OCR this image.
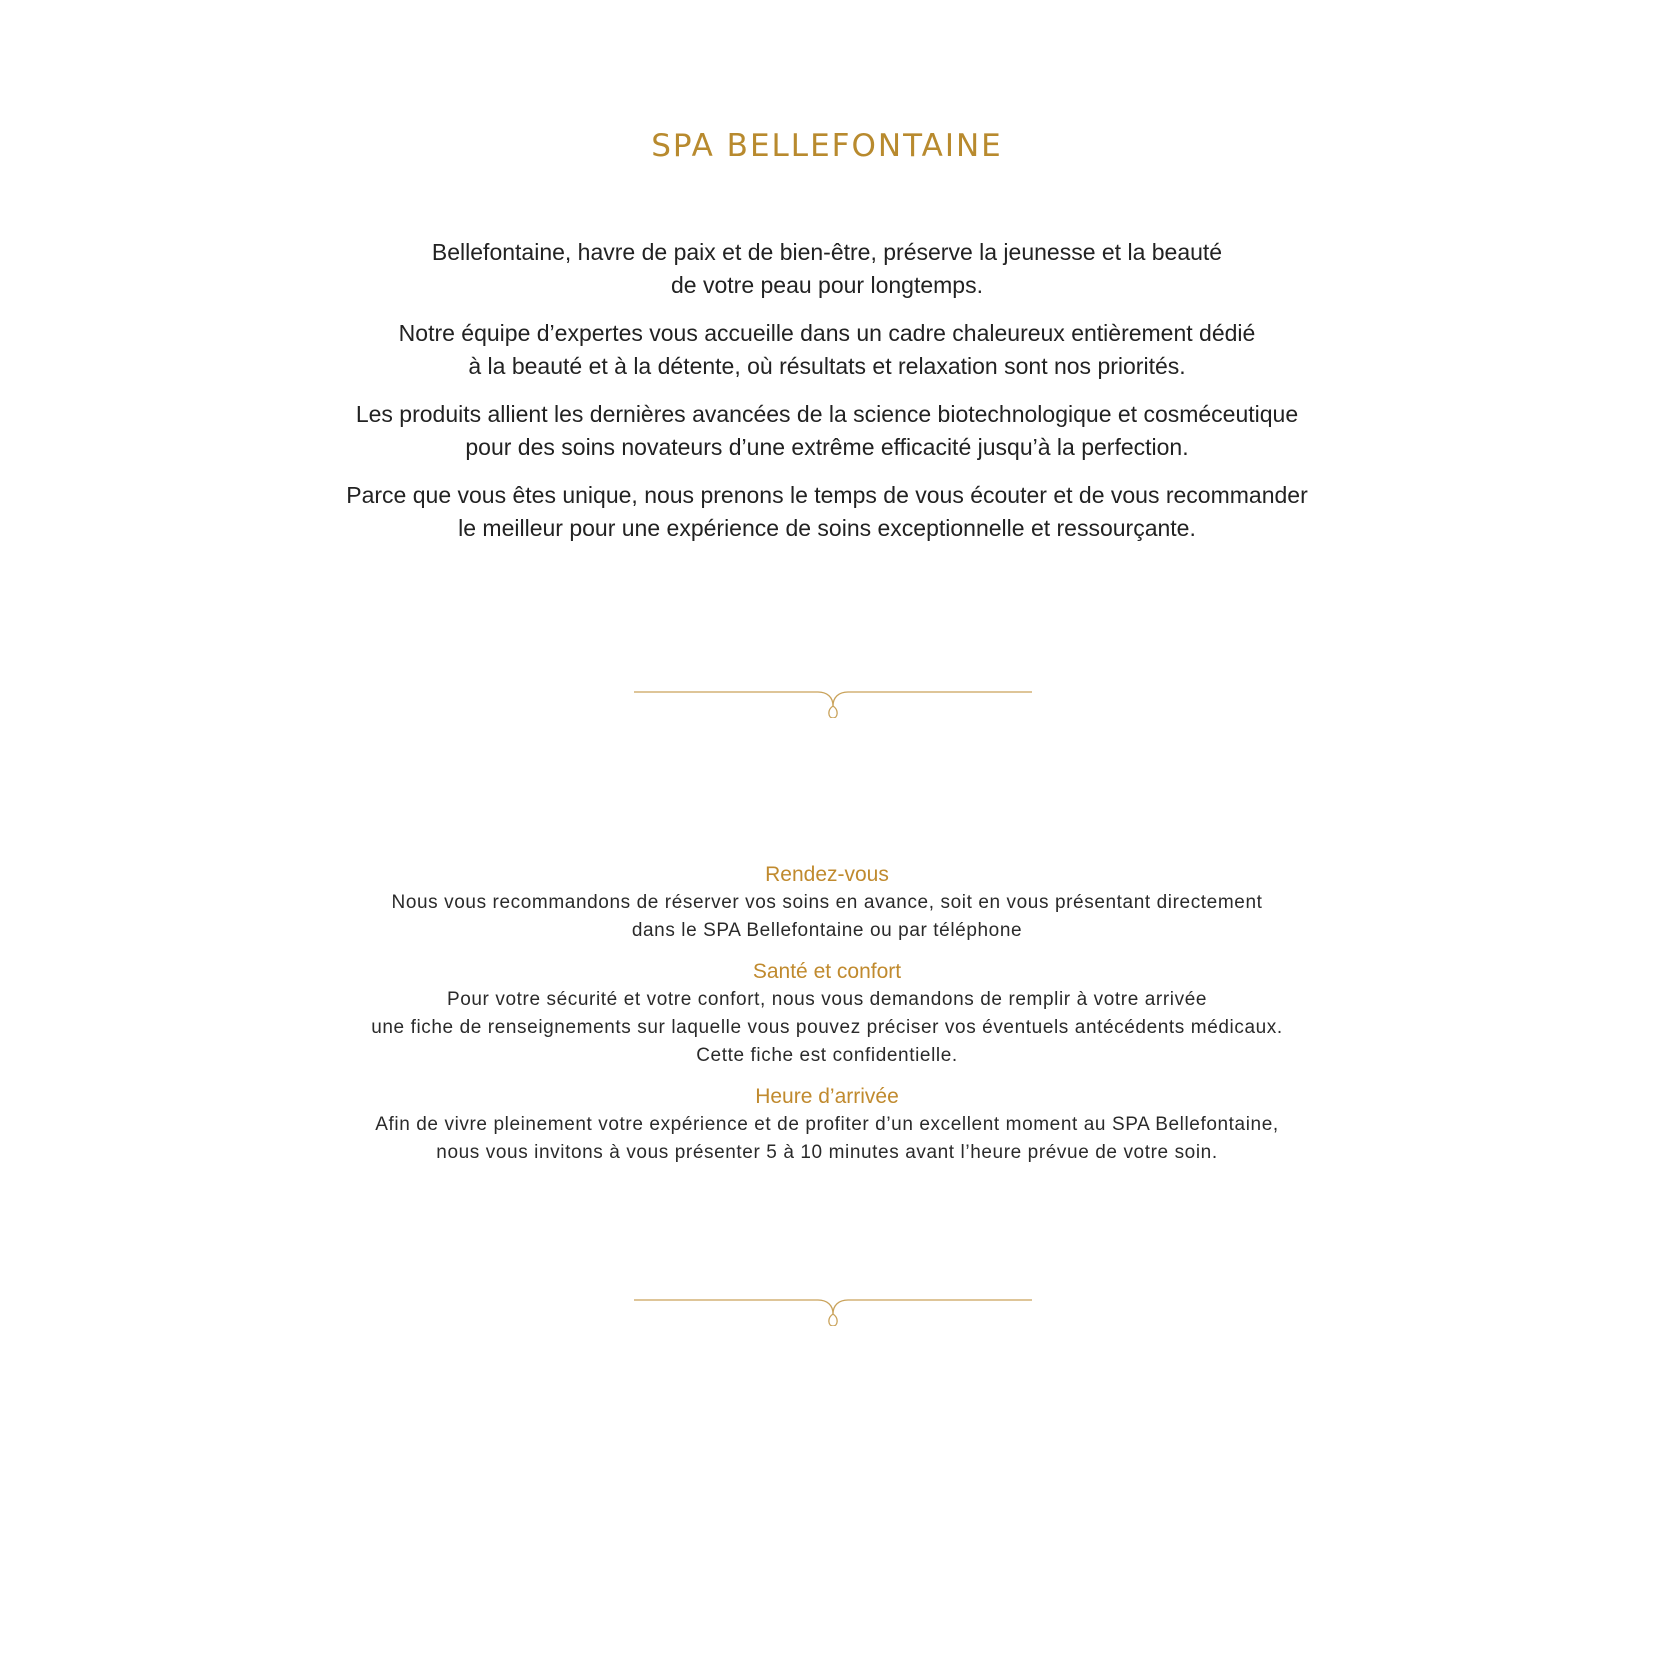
SPA BELLEFONTAINE

Bellefontaine, havre de paix et de bien-être, préserve la jeunesse et la beauté
de votre peau pour longtemps.

Notre équipe d’expertes vous accueille dans un cadre chaleureux entièrement dédié
à la beauté et à la détente, où résultats et relaxation sont nos priorités.

Les produits allient les dernières avancées de la science biotechnologique et cosméceutique
pour des soins novateurs d’une extrême efficacité jusqu’à la perfection.

Parce que vous êtes unique, nous prenons le temps de vous écouter et de vous recommander
le meilleur pour une expérience de soins exceptionnelle et ressourçante.

Rendez-vous
Nous vous recommandons de réserver vos soins en avance, soit en vous présentant directement
dans le SPA Bellefontaine ou par téléphone
Santé et confort
Pour votre sécurité et votre confort, nous vous demandons de remplir à votre arrivée
une fiche de renseignements sur laquelle vous pouvez préciser vos éventuels antécédents médicaux.
Cette fiche est confidentielle.
Heure d’arrivée
Afin de vivre pleinement votre expérience et de profiter d’un excellent moment au SPA Bellefontaine,
nous vous invitons à vous présenter 5 à 10 minutes avant l’heure prévue de votre soin.
